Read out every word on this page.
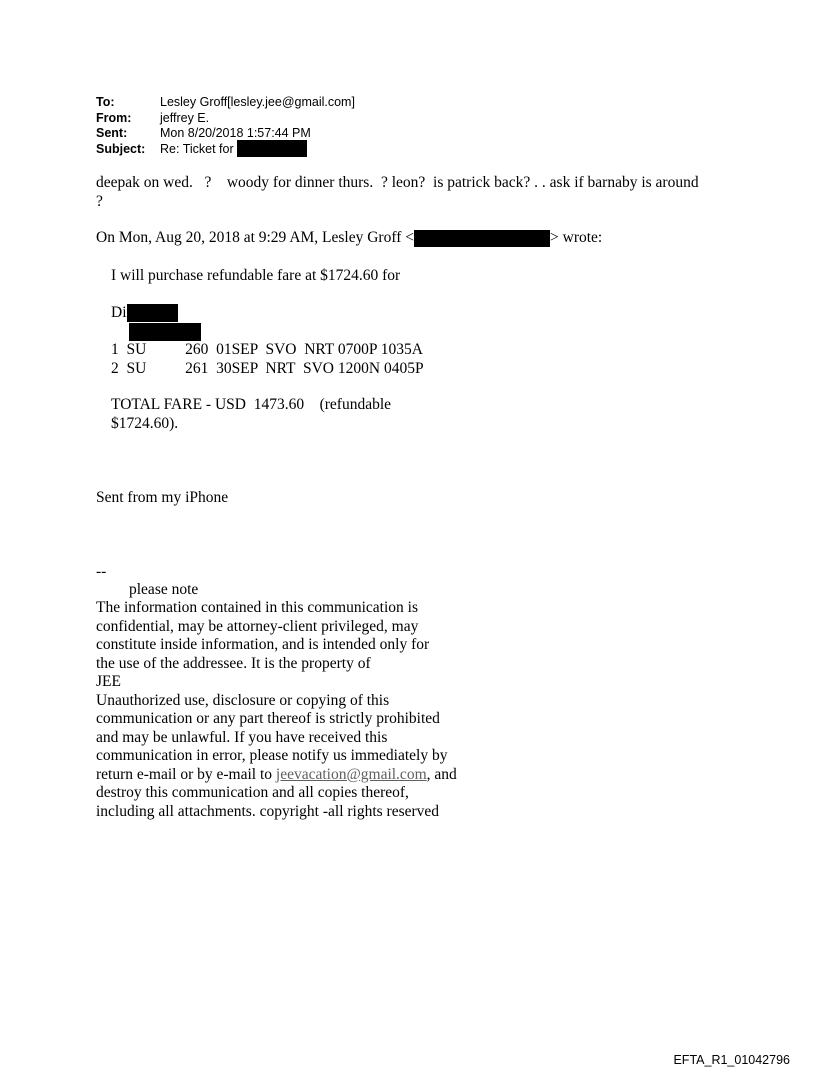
To:	Lesley Groff[lesley.jee@gmail.com]
From:	jeffrey E.
Sent:	Mon 8/20/2018 1:57:44 PM
Subject:	Re: Ticket for
deepak on wed.   ?    woody for dinner thurs.  ? leon?  is patrick back? . . ask if barnaby is around
?
On Mon, Aug 20, 2018 at 9:29 AM, Lesley Groff <	> wrote:
I will purchase refundable fare at $1724.60 for

Direct:
1  SU          260  01SEP  SVO  NRT 0700P 1035A
2  SU          261  30SEP  NRT  SVO 1200N 0405P
TOTAL FARE - USD  1473.60    (refundable
$1724.60).
Sent from my iPhone
--
please note
The information contained in this communication is
confidential, may be attorney-client privileged, may
constitute inside information, and is intended only for
the use of the addressee. It is the property of
JEE
Unauthorized use, disclosure or copying of this
communication or any part thereof is strictly prohibited
and may be unlawful. If you have received this
communication in error, please notify us immediately by
return e-mail or by e-mail to jeevacation@gmail.com, and
destroy this communication and all copies thereof,
including all attachments. copyright -all rights reserved
EFTA_R1_01042796
